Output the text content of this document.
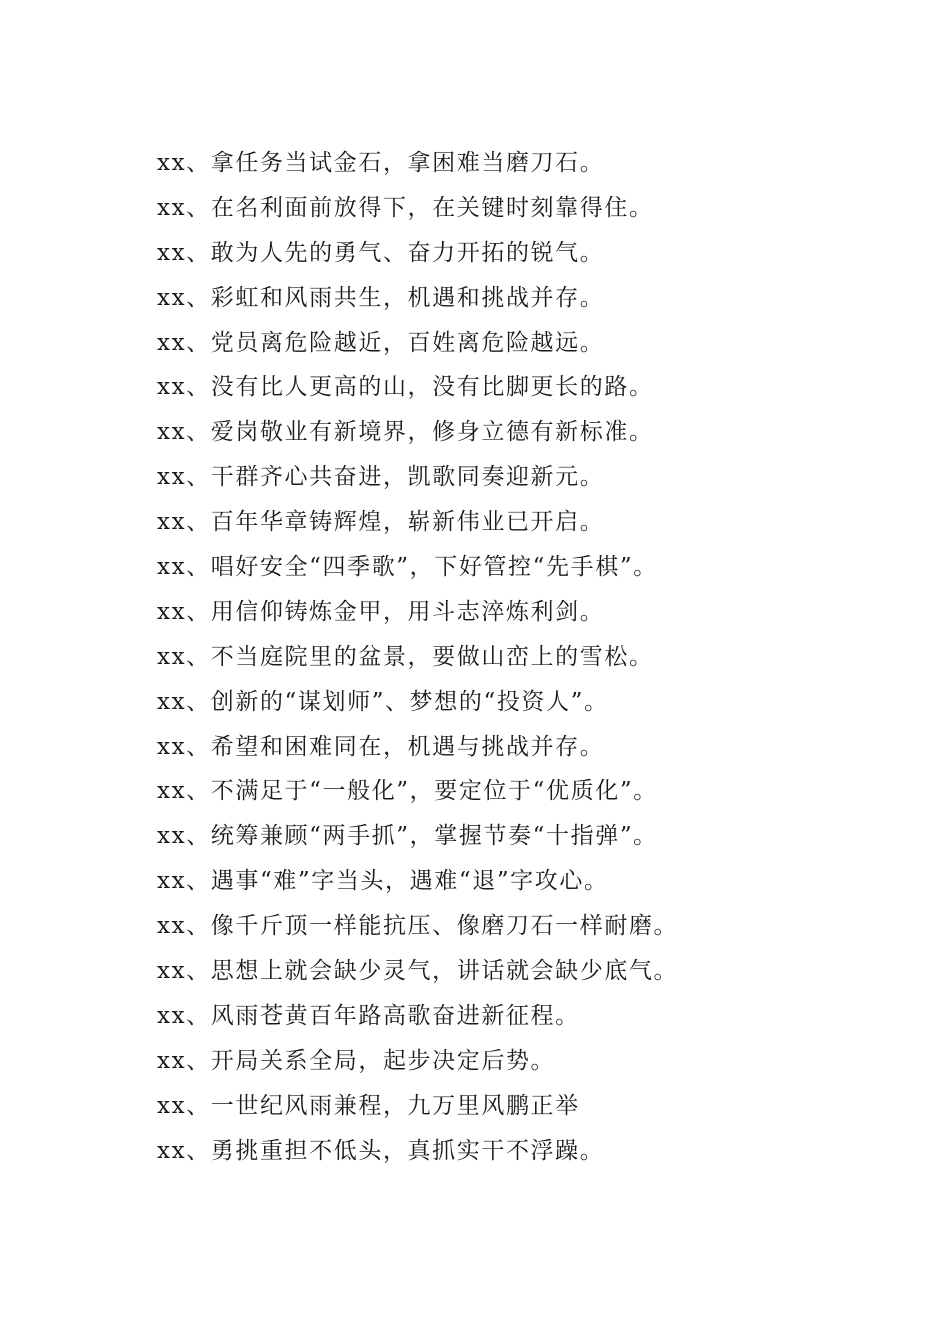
xx、拿任务当试金石，拿困难当磨刀石。
xx、在名利面前放得下，在关键时刻靠得住。
xx、敢为人先的勇气、奋力开拓的锐气。
xx、彩虹和风雨共生，机遇和挑战并存。
xx、党员离危险越近，百姓离危险越远。
xx、没有比人更高的山，没有比脚更长的路。
xx、爱岗敬业有新境界，修身立德有新标准。
xx、干群齐心共奋进，凯歌同奏迎新元。
xx、百年华章铸辉煌，崭新伟业已开启。
xx、唱好安全“四季歌”，下好管控“先手棋”。
xx、用信仰铸炼金甲，用斗志淬炼利剑。
xx、不当庭院里的盆景，要做山峦上的雪松。
xx、创新的“谋划师”、梦想的“投资人”。
xx、希望和困难同在，机遇与挑战并存。
xx、不满足于“一般化”，要定位于“优质化”。
xx、统筹兼顾“两手抓”，掌握节奏“十指弹”。
xx、遇事“难”字当头，遇难“退”字攻心。
xx、像千斤顶一样能抗压、像磨刀石一样耐磨。
xx、思想上就会缺少灵气，讲话就会缺少底气。
xx、风雨苍黄百年路高歌奋进新征程。
xx、开局关系全局，起步决定后势。
xx、一世纪风雨兼程，九万里风鹏正举
xx、勇挑重担不低头，真抓实干不浮躁。
